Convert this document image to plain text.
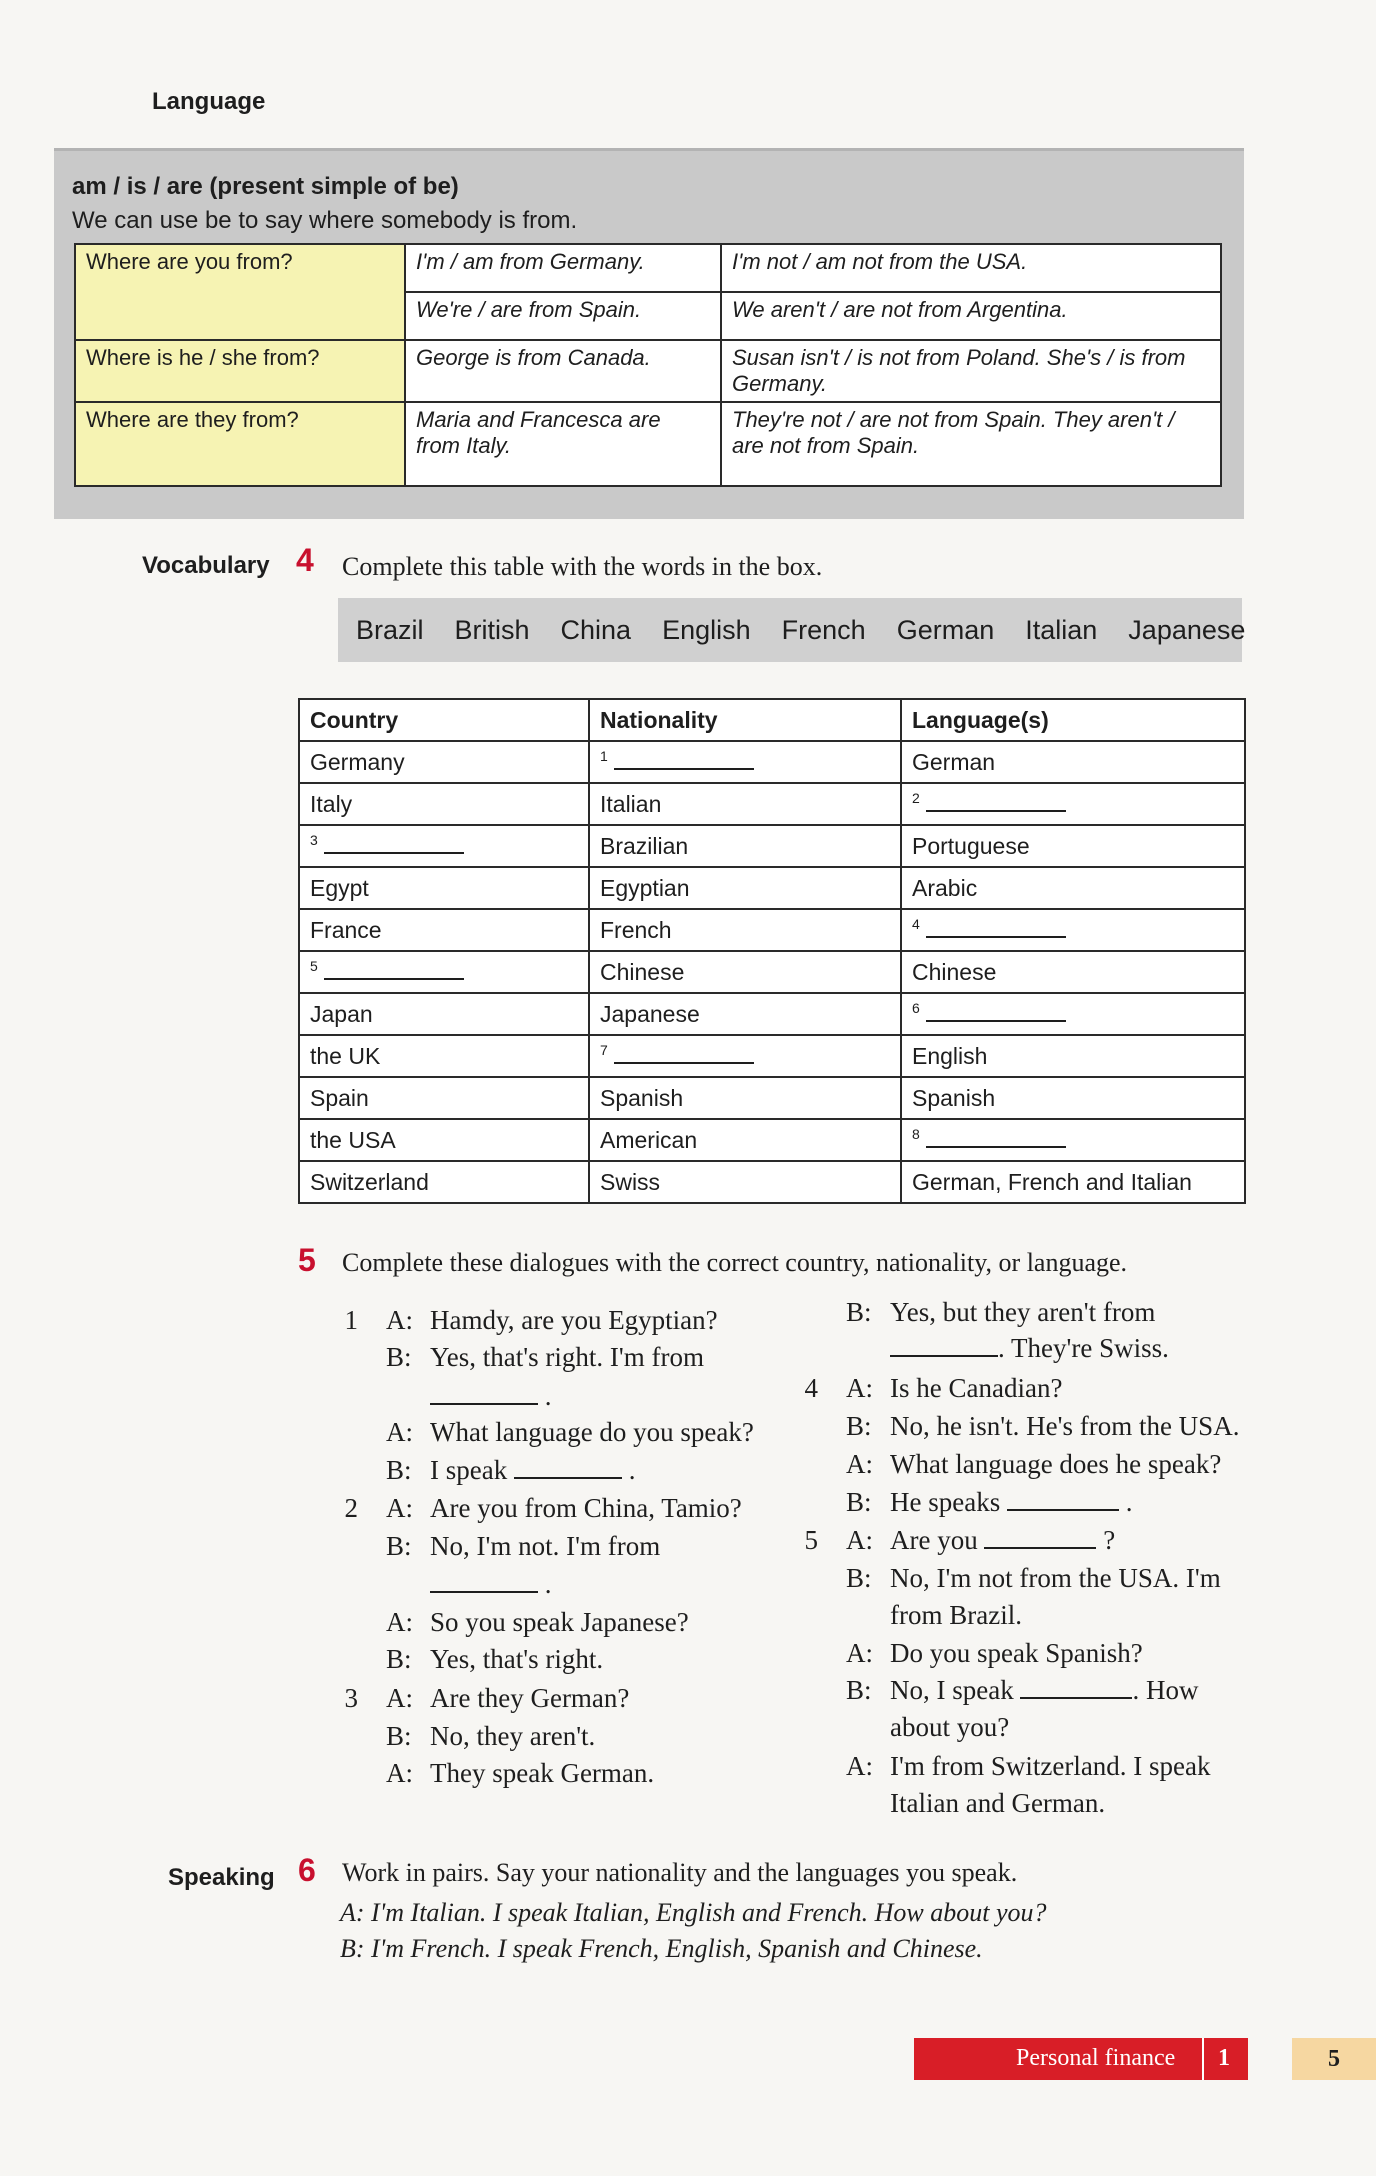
Language
am / is / are (present simple of be)
We can use be to say where somebody is from.
Where are you from?	I'm / am from Germany.	I'm not / am not from the USA.
	We're / are from Spain.	We aren't / are not from Argentina.
Where is he / she from?	George is from Canada.	Susan isn't / is not from Poland. She's / is from Germany.
Where are they from?	Maria and Francesca are from Italy.	They're not / are not from Spain. They aren't / are not from Spain.
Vocabulary 4 Complete this table with the words in the box.
Brazil British China English French German Italian Japanese
Country	Nationality	Language(s)
Germany	$^1$	German
Italy	Italian	$^2$
$^3$	Brazilian	Portuguese
Egypt	Egyptian	Arabic
France	French	$^4$
$^5$	Chinese	Chinese
Japan	Japanese	$^6$
the UK	$^7$	English
Spain	Spanish	Spanish
the USA	American	$^8$
Switzerland	Swiss	German, French and Italian
5 Complete these dialogues with the correct country, nationality, or language.
1 A: Hamdy, are you Egyptian?
B: Yes, that's right. I'm from
.
A: What language do you speak?
B: I speak	.
2 A: Are you from China, Tamio?
B: No, I'm not. I'm from
.
A: So you speak Japanese?
B: Yes, that's right.
3 A: Are they German?
B: No, they aren't.
A: They speak German.
B: Yes, but they aren't from
. They're Swiss.
4 A: Is he Canadian?
B: No, he isn't. He's from the USA.
A: What language does he speak?
B: He speaks	.
5 A: Are you	?
B: No, I'm not from the USA. I'm
from Brazil.
A: Do you speak Spanish?
B: No, I speak	. How
about you?
A: I'm from Switzerland. I speak
Italian and German.
Speaking 6 Work in pairs. Say your nationality and the languages you speak.
A: I'm Italian. I speak Italian, English and French. How about you?
B: I'm French. I speak French, English, Spanish and Chinese.
Personal finance 1	5
